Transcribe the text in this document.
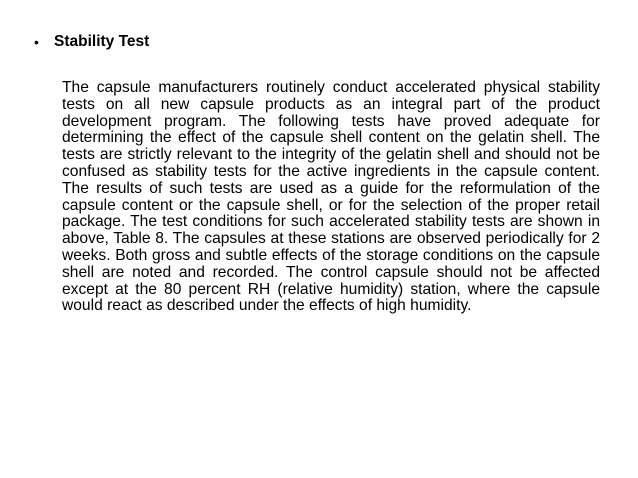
• Stability Test

The capsule manufacturers routinely conduct accelerated physical stability tests on all new capsule products as an integral part of the product development program. The following tests have proved adequate for determining the effect of the capsule shell content on the gelatin shell. The tests are strictly relevant to the integrity of the gelatin shell and should not be confused as stability tests for the active ingredients in the capsule content. The results of such tests are used as a guide for the reformulation of the capsule content or the capsule shell, or for the selection of the proper retail package. The test conditions for such accelerated stability tests are shown in above, Table 8. The capsules at these stations are observed periodically for 2 weeks. Both gross and subtle effects of the storage conditions on the capsule shell are noted and recorded. The control capsule should not be affected except at the 80 percent RH (relative humidity) station, where the capsule would react as described under the effects of high humidity.
